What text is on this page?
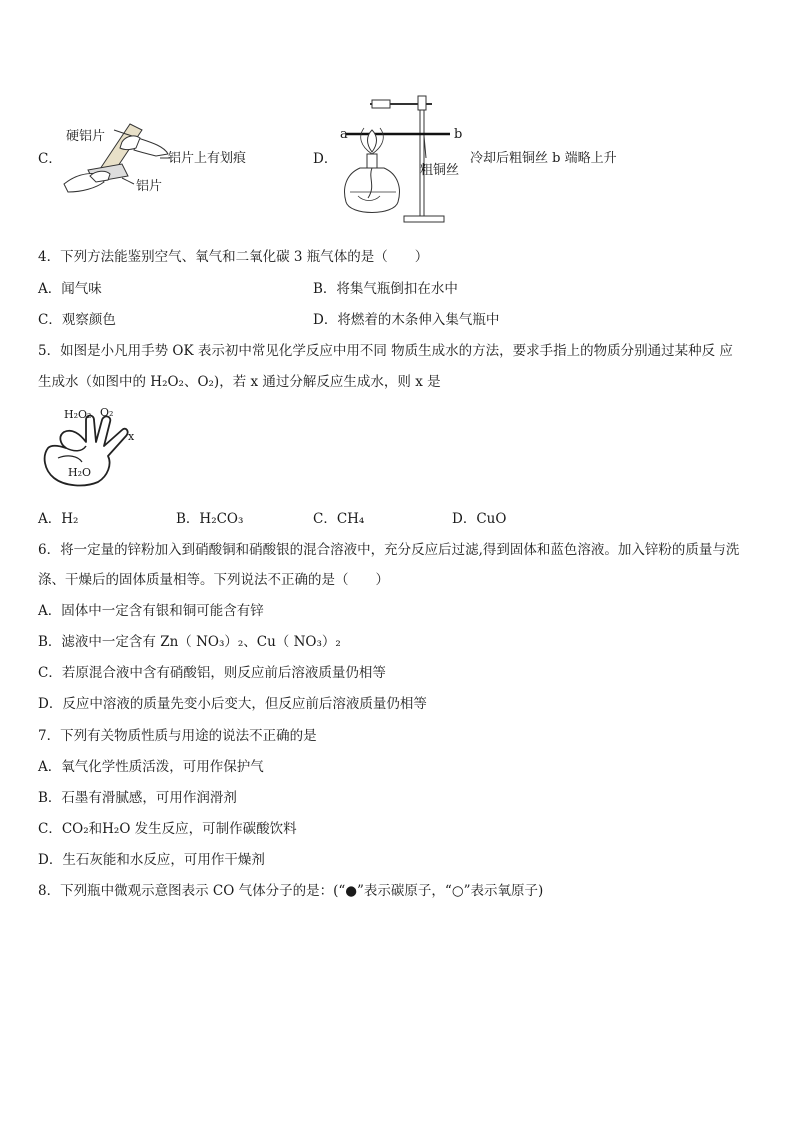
C．
硬铝片
铝片上有划痕
铝片
D．
a	b
粗铜丝
冷却后粗铜丝 b 端略上升
4．下列方法能鉴别空气、氧气和二氧化碳 3 瓶气体的是（　　）
A．闻气味	B．将集气瓶倒扣在水中
C．观察颜色	D．将燃着的木条伸入集气瓶中
5．如图是小凡用手势 OK 表示初中常见化学反应中用不同 物质生成水的方法，要求手指上的物质分别通过某种反 应
生成水（如图中的 H₂O₂、O₂)，若 x 通过分解反应生成水，则 x 是
H₂O₂ O₂
x
H₂O
A．H₂	B．H₂CO₃	C．CH₄	D．CuO
6．将一定量的锌粉加入到硝酸铜和硝酸银的混合溶液中，充分反应后过滤,得到固体和蓝色溶液。加入锌粉的质量与洗
涤、干燥后的固体质量相等。下列说法不正确的是（　　）
A．固体中一定含有银和铜可能含有锌
B．滤液中一定含有 Zn（ NO₃）₂、Cu（ NO₃）₂
C．若原混合液中含有硝酸铝，则反应前后溶液质量仍相等
D．反应中溶液的质量先变小后变大，但反应前后溶液质量仍相等
7．下列有关物质性质与用途的说法不正确的是
A．氧气化学性质活泼，可用作保护气
B．石墨有滑腻感，可用作润滑剂
C．CO₂和H₂O 发生反应，可制作碳酸饮料
D．生石灰能和水反应，可用作干燥剂
8．下列瓶中微观示意图表示 CO 气体分子的是：(“●”表示碳原子，“○”表示氧原子)
